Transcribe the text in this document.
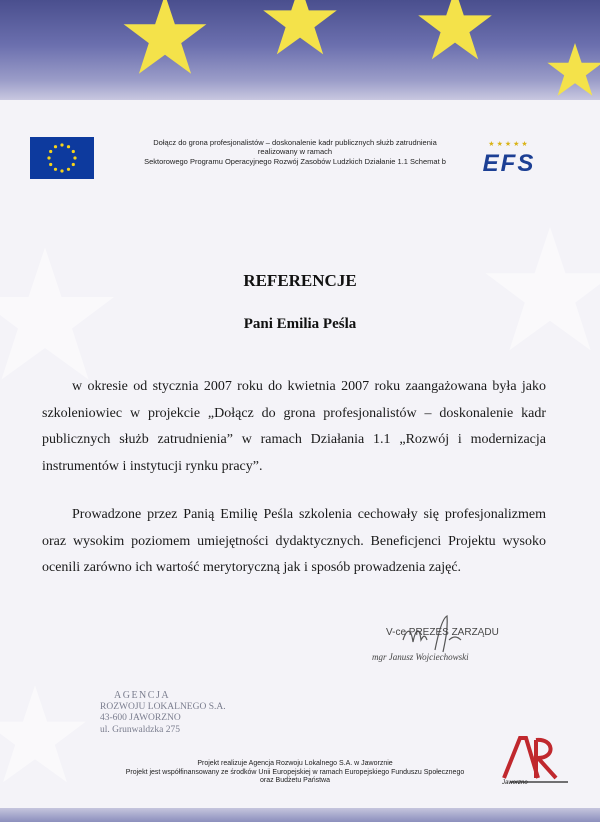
Dołącz do grona profesjonalistów – doskonalenie kadr publicznych służb zatrudnienia
realizowany w ramach
Sektorowego Programu Operacyjnego Rozwój Zasobów Ludzkich Działanie 1.1 Schemat b
★★★★★
EFS
REFERENCJE
Pani Emilia Peśla
w okresie od stycznia 2007 roku do kwietnia 2007 roku zaangażowana była jako szkoleniowiec w projekcie „Dołącz do grona profesjonalistów – doskonalenie kadr publicznych służb zatrudnienia” w ramach Działania 1.1 „Rozwój i modernizacja instrumentów i instytucji rynku pracy”.
Prowadzone przez Panią Emilię Peśla szkolenia cechowały się profesjonalizmem oraz wysokim poziomem umiejętności dydaktycznych. Beneficjenci Projektu wysoko ocenili zarówno ich wartość merytoryczną jak i sposób prowadzenia zajęć.
V-ce PREZES ZARZĄDU
mgr Janusz Wojciechowski
AGENCJA
ROZWOJU LOKALNEGO S.A.
43-600 JAWORZNO
ul. Grunwaldzka 275
Projekt realizuje Agencja Rozwoju Lokalnego S.A. w Jaworznie
Projekt jest współfinansowany ze środków Unii Europejskiej w ramach Europejskiego Funduszu Społecznego
oraz Budżetu Państwa	Jaworzno
